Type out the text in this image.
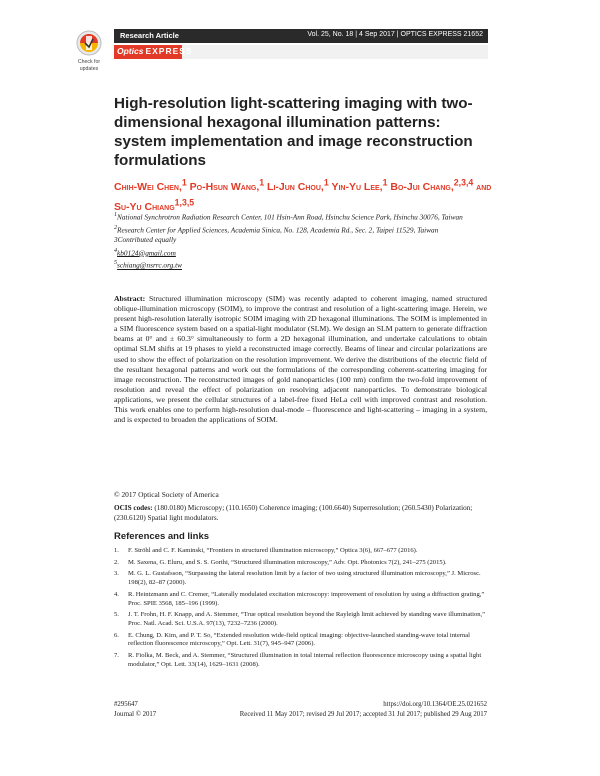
Check for
updates
Research Article	Vol. 25, No. 18 | 4 Sep 2017 | OPTICS EXPRESS 21652
Optics EXPRESS
High-resolution light-scattering imaging with two-dimensional hexagonal illumination patterns: system implementation and image reconstruction formulations
Chih-Wei Chen,$^1$ Po-Hsun Wang,$^1$ Li-Jun Chou,$^1$ Yin-Yu Lee,$^1$ Bo-Jui Chang,$^{2,3,4}$ and Su-Yu Chiang$^{1,3,5}$
$^1$National Synchrotron Radiation Research Center, 101 Hsin-Ann Road, Hsinchu Science Park, Hsinchu 30076, Taiwan
$^2$Research Center for Applied Sciences, Academia Sinica, No. 128, Academia Rd., Sec. 2, Taipei 11529, Taiwan
3Contributed equally
$^4$kb0124@gmail.com
$^5$schiang@nsrrc.org.tw
Abstract: Structured illumination microscopy (SIM) was recently adapted to coherent imaging, named structured oblique-illumination microscopy (SOIM), to improve the contrast and resolution of a light-scattering image. Herein, we present high-resolution laterally isotropic SOIM imaging with 2D hexagonal illuminations. The SOIM is implemented in a SIM fluorescence system based on a spatial-light modulator (SLM). We design an SLM pattern to generate diffraction beams at 0° and ± 60.3° simultaneously to form a 2D hexagonal illumination, and undertake calculations to obtain optimal SLM shifts at 19 phases to yield a reconstructed image correctly. Beams of linear and circular polarizations are used to show the effect of polarization on the resolution improvement. We derive the distributions of the electric field of the resultant hexagonal patterns and work out the formulations of the corresponding coherent-scattering imaging for image reconstruction. The reconstructed images of gold nanoparticles (100 nm) confirm the two-fold improvement of resolution and reveal the effect of polarization on resolving adjacent nanoparticles. To demonstrate biological applications, we present the cellular structures of a label-free fixed HeLa cell with improved contrast and resolution. This work enables one to perform high-resolution dual-mode – fluorescence and light-scattering – imaging in a system, and is expected to broaden the applications of SOIM.
© 2017 Optical Society of America
OCIS codes: (180.0180) Microscopy; (110.1650) Coherence imaging; (100.6640) Superresolution; (260.5430) Polarization; (230.6120) Spatial light modulators.
References and links
1. F. Ströhl and C. F. Kaminski, “Frontiers in structured illumination microscopy,” Optica 3(6), 667–677 (2016).
2. M. Saxena, G. Eluru, and S. S. Gorthi, “Structured illumination microscopy,” Adv. Opt. Photonics 7(2), 241–275 (2015).
3. M. G. L. Gustafsson, “Surpassing the lateral resolution limit by a factor of two using structured illumination microscopy,” J. Microsc. 198(2), 82–87 (2000).
4. R. Heintzmann and C. Cremer, “Laterally modulated excitation microscopy: improvement of resolution by using a diffraction grating,” Proc. SPIE 3568, 185–196 (1999).
5. J. T. Frohn, H. F. Knapp, and A. Stemmer, “True optical resolution beyond the Rayleigh limit achieved by standing wave illumination,” Proc. Natl. Acad. Sci. U.S.A. 97(13), 7232–7236 (2000).
6. E. Chung, D. Kim, and P. T. So, “Extended resolution wide-field optical imaging: objective-launched standing-wave total internal reflection fluorescence microscopy,” Opt. Lett. 31(7), 945–947 (2006).
7. R. Fiolka, M. Beck, and A. Stemmer, “Structured illumination in total internal reflection fluorescence microscopy using a spatial light modulator,” Opt. Lett. 33(14), 1629–1631 (2008).
#295647
Journal © 2017
https://doi.org/10.1364/OE.25.021652
Received 11 May 2017; revised 29 Jul 2017; accepted 31 Jul 2017; published 29 Aug 2017
